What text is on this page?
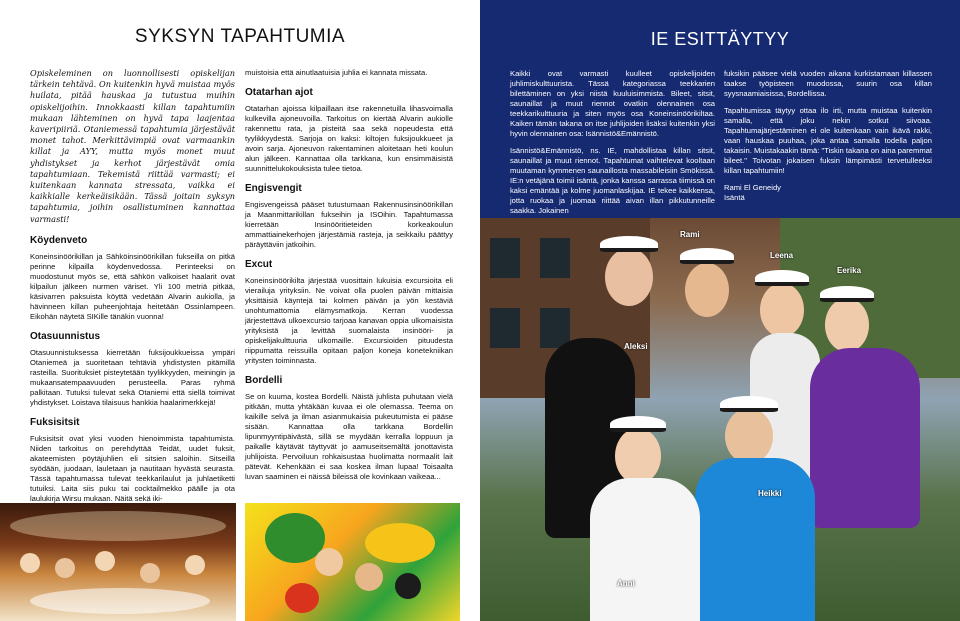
SYKSYN TAPAHTUMIA
Opiskeleminen on luonnollisesti opiskelijan tärkein tehtävä. On kuitenkin hyvä muistaa myös huilata, pitää hauskaa ja tutustua muihin opiskelijoihin. Innokkaasti killan tapahtumiin mukaan lähteminen on hyvä tapa laajentaa kaveripiiriä. Otaniemessä tapahtumia järjestävät monet tahot. Merkittävimpiä ovat varmaankin killat ja AYY, mutta myös monet muut yhdistykset ja kerhot järjestävät omia tapahtumiaan. Tekemistä riittää varmasti; ei kuitenkaan kannata stressata, vaikka ei kaikkialle kerkeäisikään. Tässä joitain syksyn tapahtumia, joihin osallistuminen kannattaa varmasti!
Köydenveto
Koneinsinöörikillan ja Sähköinsinöörikillan fukseilla on pitkä perinne kilpailla köydenvedossa. Perinteeksi on muodostunut myös se, että sähkön valkoiset haalarit ovat kilpailun jälkeen nurmen väriset. Yli 100 metriä pitkää, käsivarren paksuista köyttä vedetään Alvarin aukiolla, ja hävinneen killan puheenjohtaja heitetään Ossinlampeen. Eikohän näytetä SIKille tänäkin vuonna!
Otasuunnistus
Otasuunnistuksessa kierretään fuksijoukkueissa ympäri Otaniemeä ja suoritetaan tehtäviä yhdistysten pitämillä rasteilla. Suorituksiet pisteytetään tyylikkyyden, meiningin ja mukaansatempaavuuden perusteella. Paras ryhmä palkitaan. Tutuksi tulevat sekä Otaniemi että siellä toimivat yhdistykset. Loistava tilaisuus hankkia haalarimerkkejä!
Fuksisitsit
Fuksisitsit ovat yksi vuoden hienoimmista tapahtumista. Niiden tarkoitus on perehdyttää Teidät, uudet fuksit, akateemisten pöytäjuhlien eli sitsien saloihin. Sitseillä syödään, juodaan, lauletaan ja nautitaan hyvästä seurasta. Tässä tapahtumassa tulevat teekkarilaulut ja juhlaetiketti tutuiksi. Laita siis puku tai cocktailmekko päälle ja ota laulukirja Wirsu mukaan. Näitä sekä iki-
muistoisia että ainutlaatuisia juhlia ei kannata missata.
Otatarhan ajot
Otatarhan ajoissa kilpaillaan itse rakennetuilla lihasvoimalla kulkevilla ajoneuvoilla. Tarkoitus on kiertää Alvarin aukiolle rakennettu rata, ja pisteitä saa sekä nopeudesta että tyylikkyydestä. Sarjoja on kaksi: kiltojen fuksijoukkueet ja avoin sarja. Ajoneuvon rakentaminen aloitetaan heti koulun alun jälkeen. Kannattaa olla tarkkana, kun ensimmäisistä suunnittelukokouksista tulee tietoa.
Engisvengit
Engisvengeissä pääset tutustumaan Rakennusinsinöörikillan ja Maanmittarikillan fukseihin ja ISOihin. Tapahtumassa kierretään Insinööritieteiden korkeakoulun ammattiainekerhojen järjestämiä rasteja, ja seikkailu päättyy päräyttäviin jatkoihin.
Excut
Koneinsinöörikilta järjestää vuosittain lukuisia excursioita eli vierailuja yrityksiin. Ne voivat olla puolen päivän mittaisia yksittäisiä käyntejä tai kolmen päivän ja yön kestäviä unohtumattomia elämysmatkoja. Kerran vuodessa järjestettävä ulkoexcursio tarjoaa kanavan oppia ulkomaisista yrityksistä ja levittää suomalaista insinööri- ja opiskelijakulttuuria ulkomaille. Excursioiden pituudesta riippumatta reissuilla opitaan paljon koneja konetekniikan yritysten toiminnasta.
Bordelli
Se on kuuma, kostea Bordelli. Näistä juhlista puhutaan vielä pitkään, mutta yhtäkään kuvaa ei ole olemassa. Teema on kaikille selvä ja ilman asianmukaisia pukeutumista ei pääse sisään. Kannattaa olla tarkkana Bordellin lipunmyyntipäivästä, sillä se myydään kerralla loppuun ja paikalle käytävät täyttyvät jo aamuseitsemältä jonottavista juhlijoista. Pervoiluun rohkaisustaa huolimatta normaalit lait pätevät. Kehenkään ei saa koskea ilman lupaa! Toisaalta luvan saaminen ei näissä bileissä ole kovinkaan vaikeaa...
IE ESITTÄYTYY
Kaikki ovat varmasti kuulleet opiskelijoiden juhlimiskulttuurista. Tässä kategoriassa teekkarien bilettäminen on yksi niistä kuuluisimmista. Bileet, sitsit, saunaillat ja muut riennot ovatkin olennainen osa teekkarikulttuuria ja siten myös osa Koneinsinöörikiltaa. Kaiken tämän takana on itse juhlijoiden lisäksi kuitenkin yksi hyvin olennainen osa: Isännistö&Emännistö.
Isännistö&Emännistö, ns. IE, mahdollistaa killan sitsit, saunaillat ja muut riennot. Tapahtumat vaihtelevat kooltaan muutaman kymmenen saunaillosta massabileisiin Smökissä. IE:n vetäjänä toimii isäntä, jonka kanssa sarrassa tiimissä on kaksi emäntää ja kolme juomanlaskijaa. IE tekee kaikkensa, jotta ruokaa ja juomaa riittää aivan illan pikkutunneille saakka. Jokainen
fuksikin pääsee vielä vuoden aikana kurkistamaan killassen taakse työpisteen muodossa, suurin osa killan syysnaamiaisissa, Bordellissa.
Tapahtumissa täytyy ottaa ilo irti, mutta muistaa kuitenkin samalla, että joku nekin sotkut siivoaa. Tapahtumajärjestäminen ei ole kuitenkaan vain ikävä rakki, vaan hauskaa puuhaa, joka antaa samalla todella paljon takaisin. Muistakaakin tämä: "Tiskin takana on aina paremmat bileet." Toivotan jokaisen fuksin lämpimästi tervetulleeksi killan tapahtumiin!
Rami El Geneidy
Isäntä
Rami
Leena
Eerika
Aleksi
Heikki
Anni
